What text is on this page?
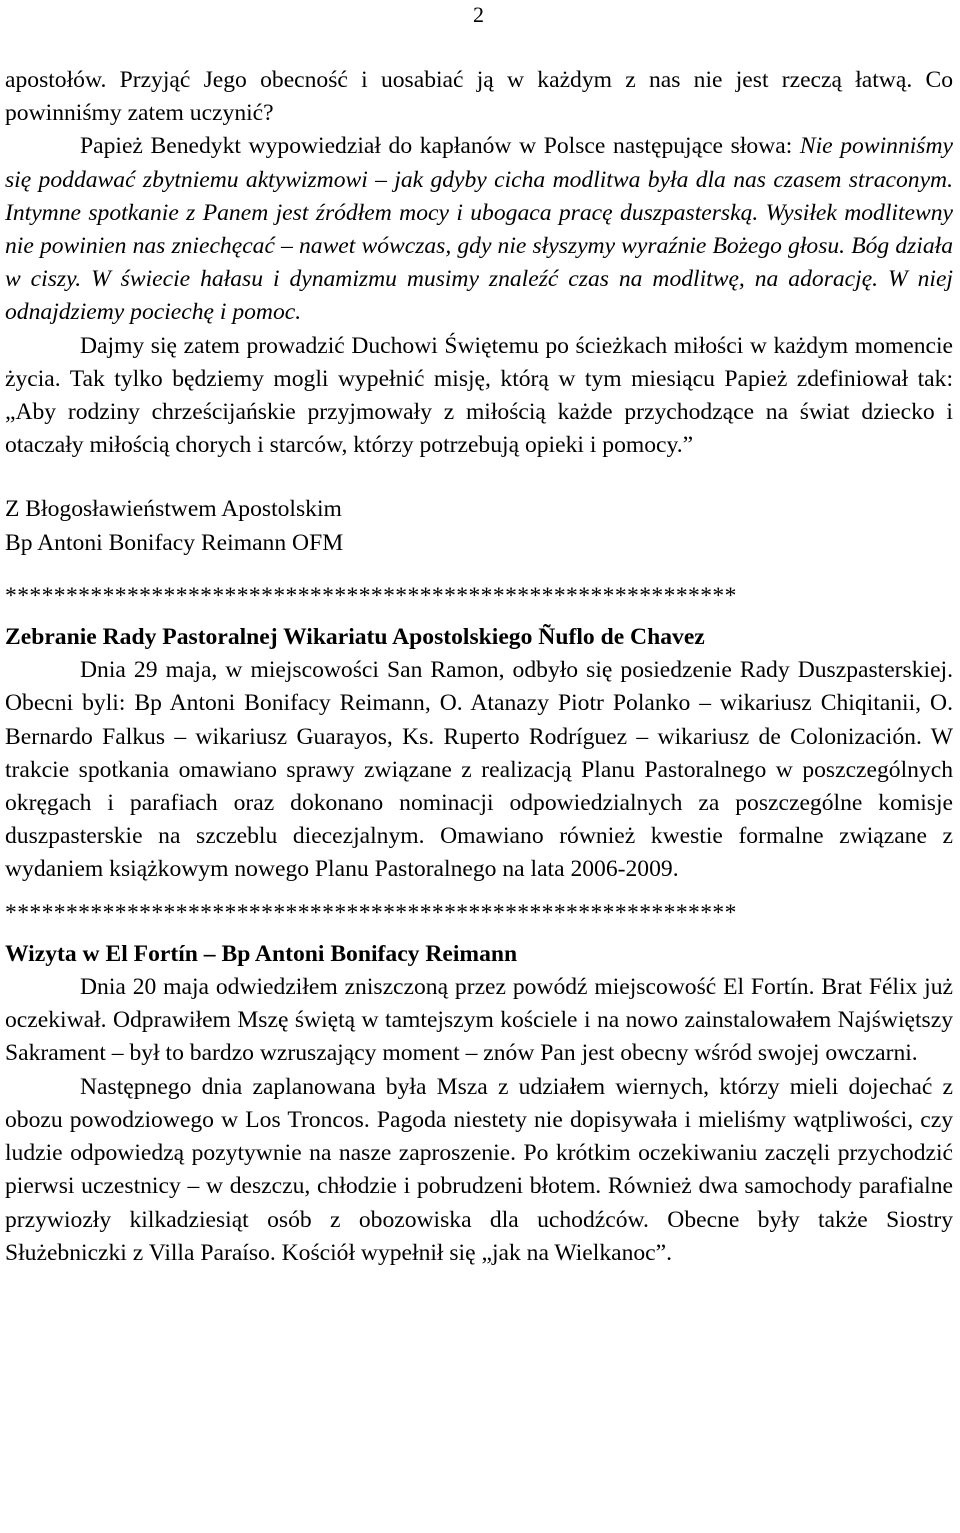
2

apostołów. Przyjąć Jego obecność i uosabiać ją w każdym z nas nie jest rzeczą łatwą. Co powinniśmy zatem uczynić?

Papież Benedykt wypowiedział do kapłanów w Polsce następujące słowa: Nie powinniśmy się poddawać zbytniemu aktywizmowi – jak gdyby cicha modlitwa była dla nas czasem straconym. Intymne spotkanie z Panem jest źródłem mocy i ubogaca pracę duszpasterską. Wysiłek modlitewny nie powinien nas zniechęcać – nawet wówczas, gdy nie słyszymy wyraźnie Bożego głosu. Bóg działa w ciszy. W świecie hałasu i dynamizmu musimy znaleźć czas na modlitwę, na adorację. W niej odnajdziemy pociechę i pomoc.

Dajmy się zatem prowadzić Duchowi Świętemu po ścieżkach miłości w każdym momencie życia. Tak tylko będziemy mogli wypełnić misję, którą w tym miesiącu Papież zdefiniował tak: „Aby rodziny chrześcijańskie przyjmowały z miłością każde przychodzące na świat dziecko i otaczały miłością chorych i starców, którzy potrzebują opieki i pomocy.”

Z Błogosławieństwem Apostolskim

Bp Antoni Bonifacy Reimann OFM

************************************************************

Zebranie Rady Pastoralnej Wikariatu Apostolskiego Ñuflo de Chavez

Dnia 29 maja, w miejscowości San Ramon, odbyło się posiedzenie Rady Duszpasterskiej. Obecni byli: Bp Antoni Bonifacy Reimann, O. Atanazy Piotr Polanko – wikariusz Chiqitanii, O. Bernardo Falkus – wikariusz Guarayos, Ks. Ruperto Rodríguez – wikariusz de Colonización. W trakcie spotkania omawiano sprawy związane z realizacją Planu Pastoralnego w poszczególnych okręgach i parafiach oraz dokonano nominacji odpowiedzialnych za poszczególne komisje duszpasterskie na szczeblu diecezjalnym. Omawiano również kwestie formalne związane z wydaniem książkowym nowego Planu Pastoralnego na lata 2006-2009.

************************************************************

Wizyta w El Fortín – Bp Antoni Bonifacy Reimann

Dnia 20 maja odwiedziłem zniszczoną przez powódź miejscowość El Fortín. Brat Félix już oczekiwał. Odprawiłem Mszę świętą w tamtejszym kościele i na nowo zainstalowałem Najświętszy Sakrament – był to bardzo wzruszający moment – znów Pan jest obecny wśród swojej owczarni.

Następnego dnia zaplanowana była Msza z udziałem wiernych, którzy mieli dojechać z obozu powodziowego w Los Troncos. Pagoda niestety nie dopisywała i mieliśmy wątpliwości, czy ludzie odpowiedzą pozytywnie na nasze zaproszenie. Po krótkim oczekiwaniu zaczęli przychodzić pierwsi uczestnicy – w deszczu, chłodzie i pobrudzeni błotem. Również dwa samochody parafialne przywiozły kilkadziesiąt osób z obozowiska dla uchodźców. Obecne były także Siostry Służebniczki z Villa Paraíso. Kościół wypełnił się „jak na Wielkanoc”.
